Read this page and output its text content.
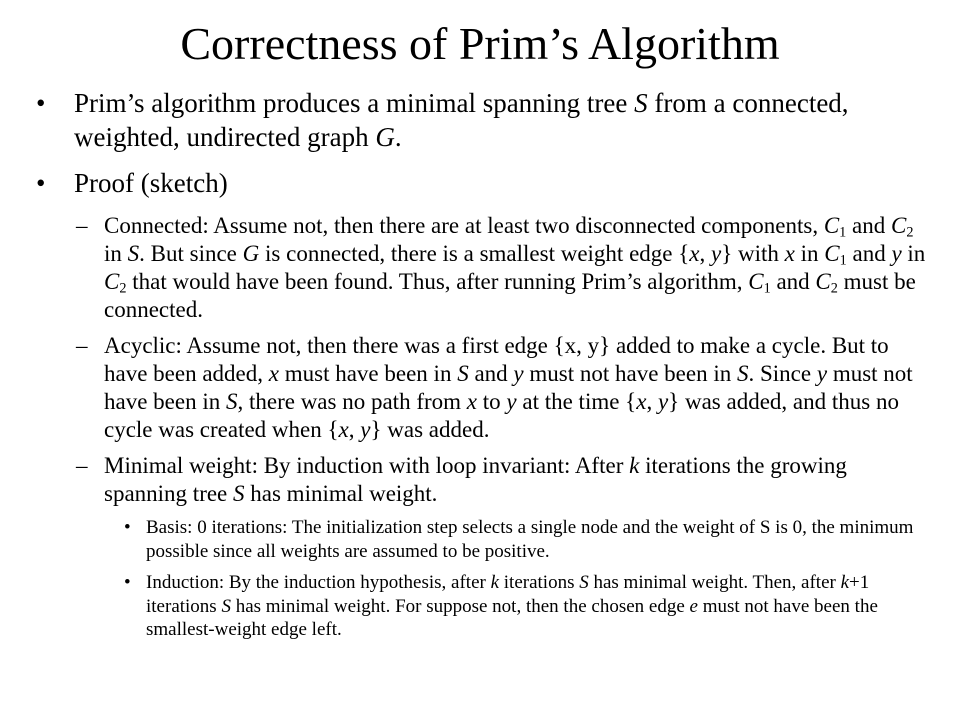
Correctness of Prim’s Algorithm
• Prim’s algorithm produces a minimal spanning tree S from a connected, weighted, undirected graph G.
• Proof (sketch)
– Connected: Assume not, then there are at least two disconnected components, $C_1$ and $C_2$ in S. But since G is connected, there is a smallest weight edge {x, y} with x in $C_1$ and y in $C_2$ that would have been found. Thus, after running Prim’s algorithm, $C_1$ and $C_2$ must be connected.
– Acyclic: Assume not, then there was a first edge {x, y} added to make a cycle. But to have been added, x must have been in S and y must not have been in S. Since y must not have been in S, there was no path from x to y at the time {x, y} was added, and thus no cycle was created when {x, y} was added.
– Minimal weight: By induction with loop invariant: After k iterations the growing spanning tree S has minimal weight.
• Basis: 0 iterations: The initialization step selects a single node and the weight of S is 0, the minimum possible since all weights are assumed to be positive.
• Induction: By the induction hypothesis, after k iterations S has minimal weight. Then, after k+1 iterations S has minimal weight. For suppose not, then the chosen edge e must not have been the smallest-weight edge left.
